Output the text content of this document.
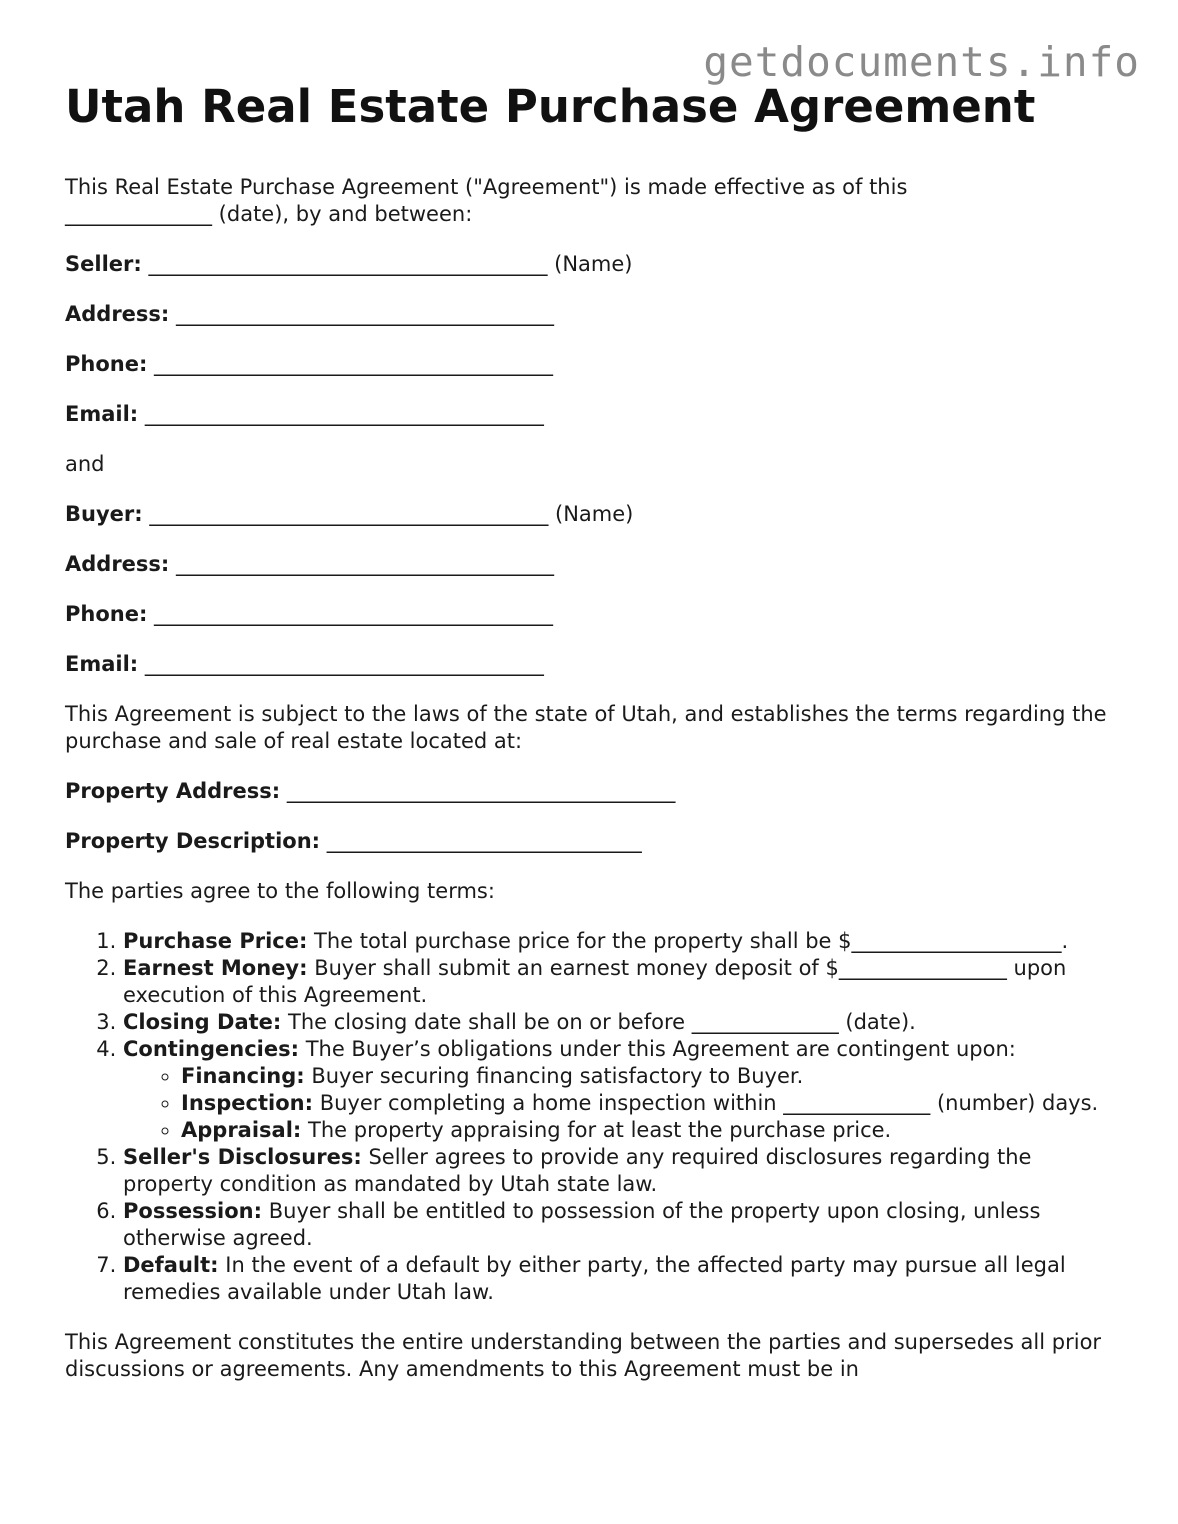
getdocuments.info
Utah Real Estate Purchase Agreement

This Real Estate Purchase Agreement ("Agreement") is made effective as of this
______________ (date), by and between:

Seller: ______________________________________ (Name)

Address: ____________________________________

Phone: ______________________________________

Email: ______________________________________

and

Buyer: ______________________________________ (Name)

Address: ____________________________________

Phone: ______________________________________

Email: ______________________________________

This Agreement is subject to the laws of the state of Utah, and establishes the terms regarding the purchase and sale of real estate located at:

Property Address: _____________________________________

Property Description: ______________________________

The parties agree to the following terms:

1. Purchase Price: The total purchase price for the property shall be $____________________.
2. Earnest Money: Buyer shall submit an earnest money deposit of $________________ upon execution of this Agreement.
3. Closing Date: The closing date shall be on or before ______________ (date).
4. Contingencies: The Buyer’s obligations under this Agreement are contingent upon:
◦ Financing: Buyer securing financing satisfactory to Buyer.
◦ Inspection: Buyer completing a home inspection within ______________ (number) days.
◦ Appraisal: The property appraising for at least the purchase price.
5. Seller's Disclosures: Seller agrees to provide any required disclosures regarding the property condition as mandated by Utah state law.
6. Possession: Buyer shall be entitled to possession of the property upon closing, unless otherwise agreed.
7. Default: In the event of a default by either party, the affected party may pursue all legal remedies available under Utah law.

This Agreement constitutes the entire understanding between the parties and supersedes all prior discussions or agreements. Any amendments to this Agreement must be in
